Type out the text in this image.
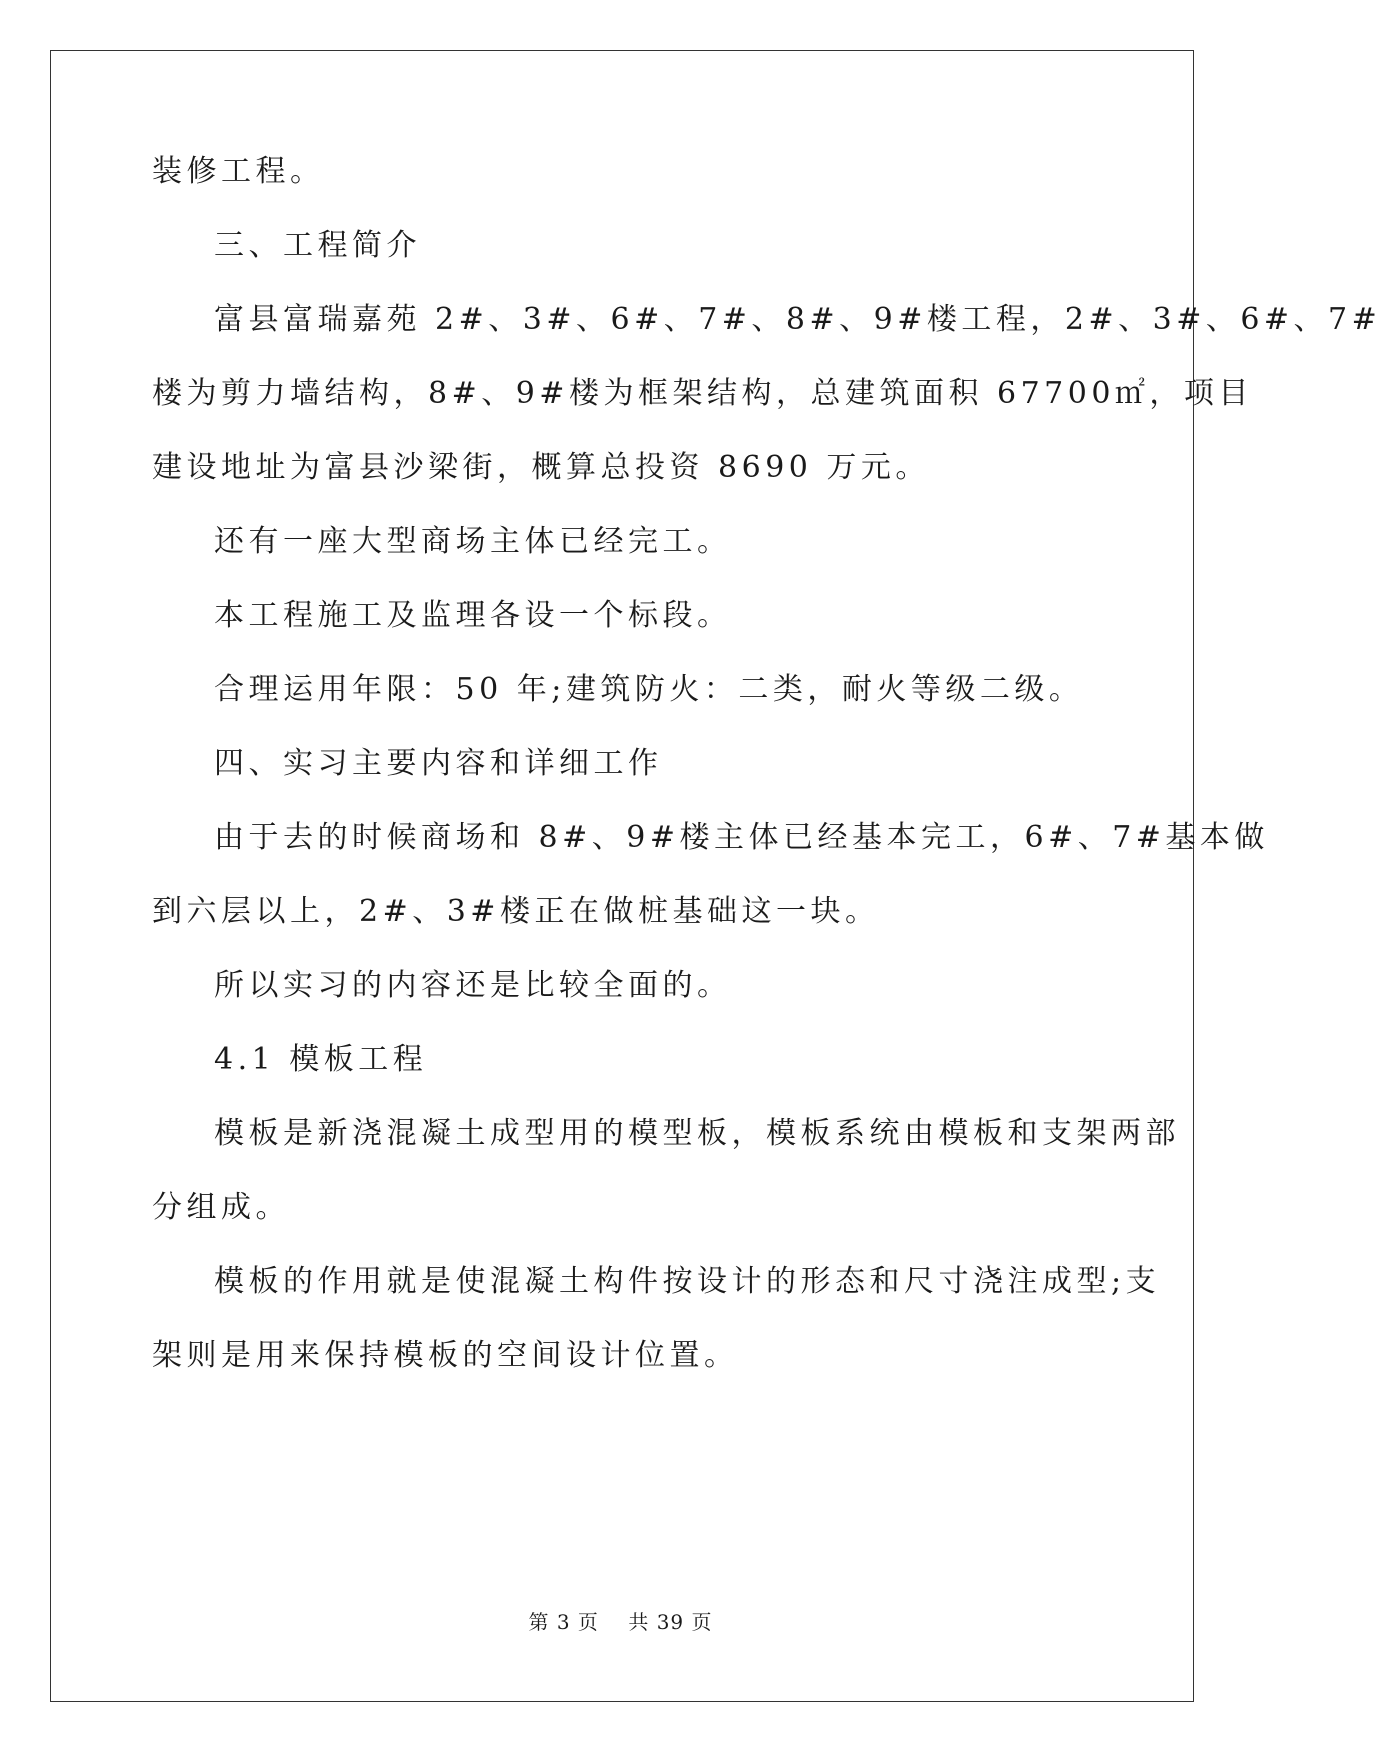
装修工程。
三、工程简介
富县富瑞嘉苑 2#、3#、6#、7#、8#、9#楼工程，2#、3#、6#、7#
楼为剪力墙结构，8#、9#楼为框架结构，总建筑面积 67700㎡，项目
建设地址为富县沙梁街，概算总投资 8690 万元。
还有一座大型商场主体已经完工。
本工程施工及监理各设一个标段。
合理运用年限：50 年;建筑防火：二类，耐火等级二级。
四、实习主要内容和详细工作
由于去的时候商场和 8#、9#楼主体已经基本完工，6#、7#基本做
到六层以上，2#、3#楼正在做桩基础这一块。
所以实习的内容还是比较全面的。
4.1 模板工程
模板是新浇混凝土成型用的模型板，模板系统由模板和支架两部
分组成。
模板的作用就是使混凝土构件按设计的形态和尺寸浇注成型;支
架则是用来保持模板的空间设计位置。
第 3 页    共 39 页
